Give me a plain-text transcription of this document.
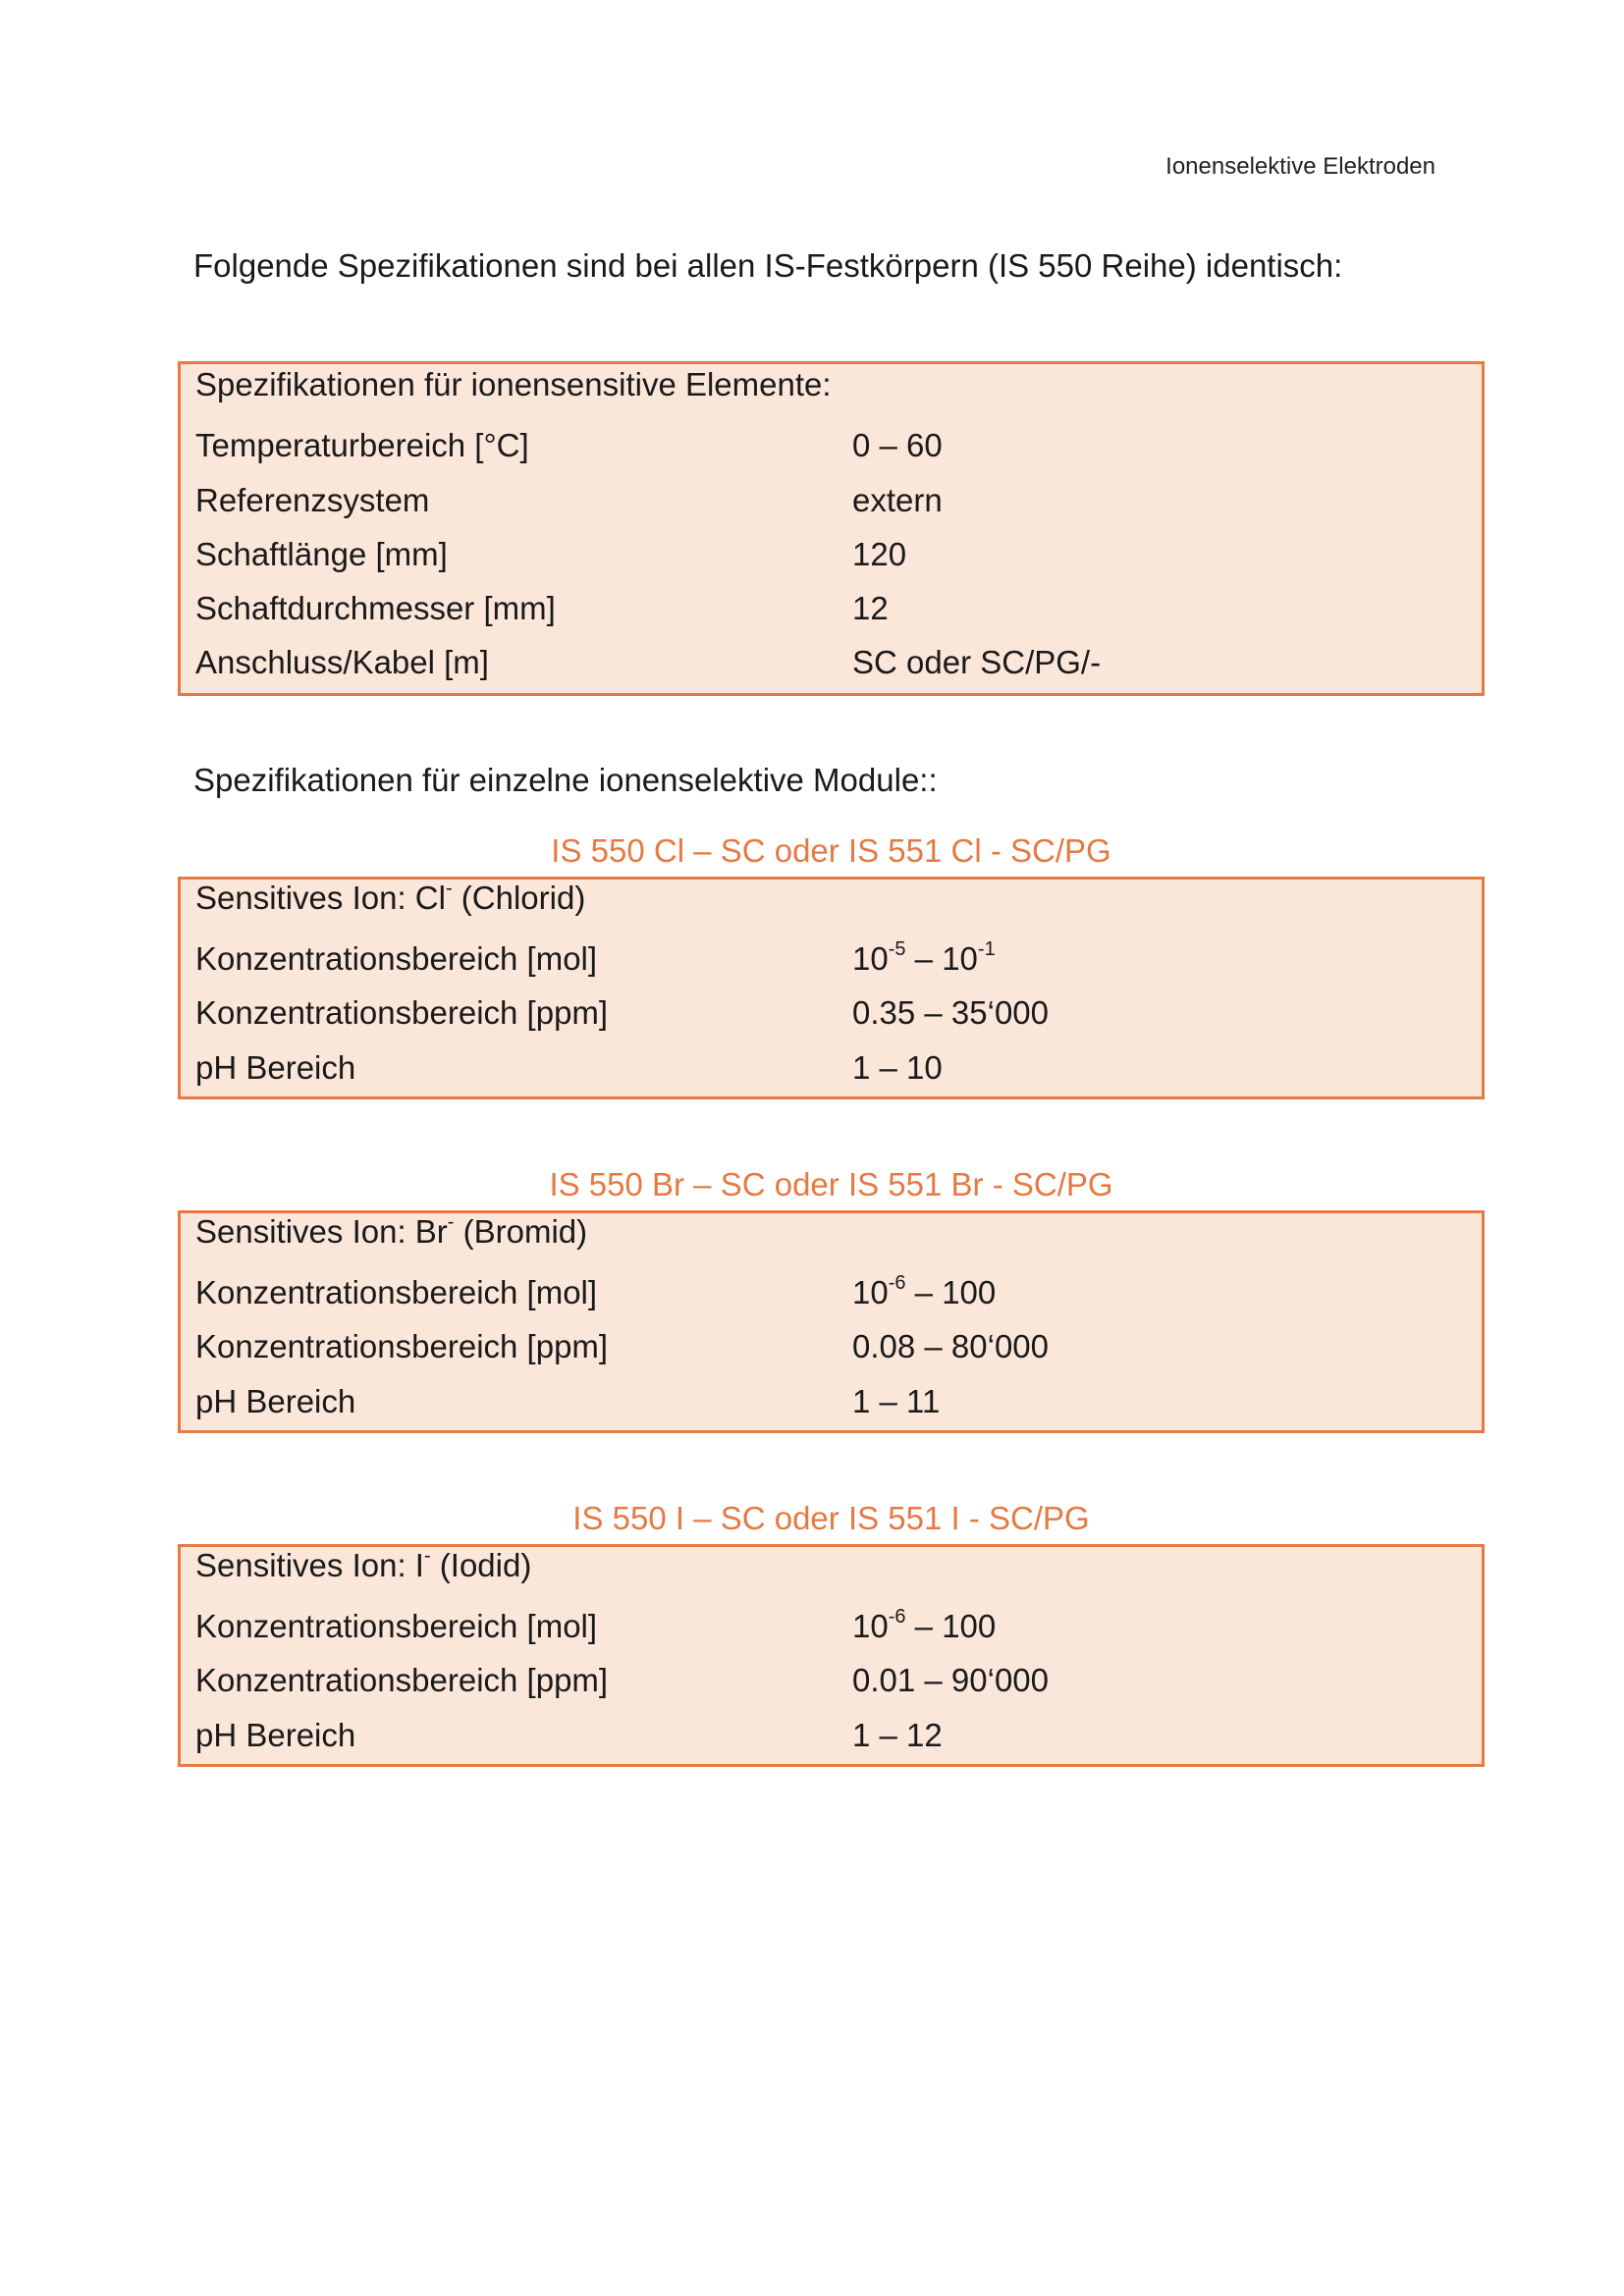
Ionenselektive Elektroden
Folgende Spezifikationen sind bei allen IS-Festkörpern (IS 550 Reihe) identisch:
Spezifikationen für ionensensitive Elemente:
Temperaturbereich [°C]	0 – 60
Referenzsystem	extern
Schaftlänge [mm]	120
Schaftdurchmesser [mm]	12
Anschluss/Kabel [m]	SC oder SC/PG/-
Spezifikationen für einzelne ionenselektive Module::
IS 550 Cl – SC oder IS 551 Cl - SC/PG
Sensitives Ion: Cl- (Chlorid)
Konzentrationsbereich [mol]	$10^{-5} - 10^{-1}$
Konzentrationsbereich [ppm]	0.35 – 35‘000
pH Bereich	1 – 10
IS 550 Br – SC oder IS 551 Br - SC/PG
Sensitives Ion: Br- (Bromid)
Konzentrationsbereich [mol]	$10^{-6} - 100$
Konzentrationsbereich [ppm]	0.08 – 80‘000
pH Bereich	1 – 11
IS 550 I – SC oder IS 551 I - SC/PG
Sensitives Ion: I- (Iodid)
Konzentrationsbereich [mol]	$10^{-6} - 100$
Konzentrationsbereich [ppm]	0.01 – 90‘000
pH Bereich	1 – 12
